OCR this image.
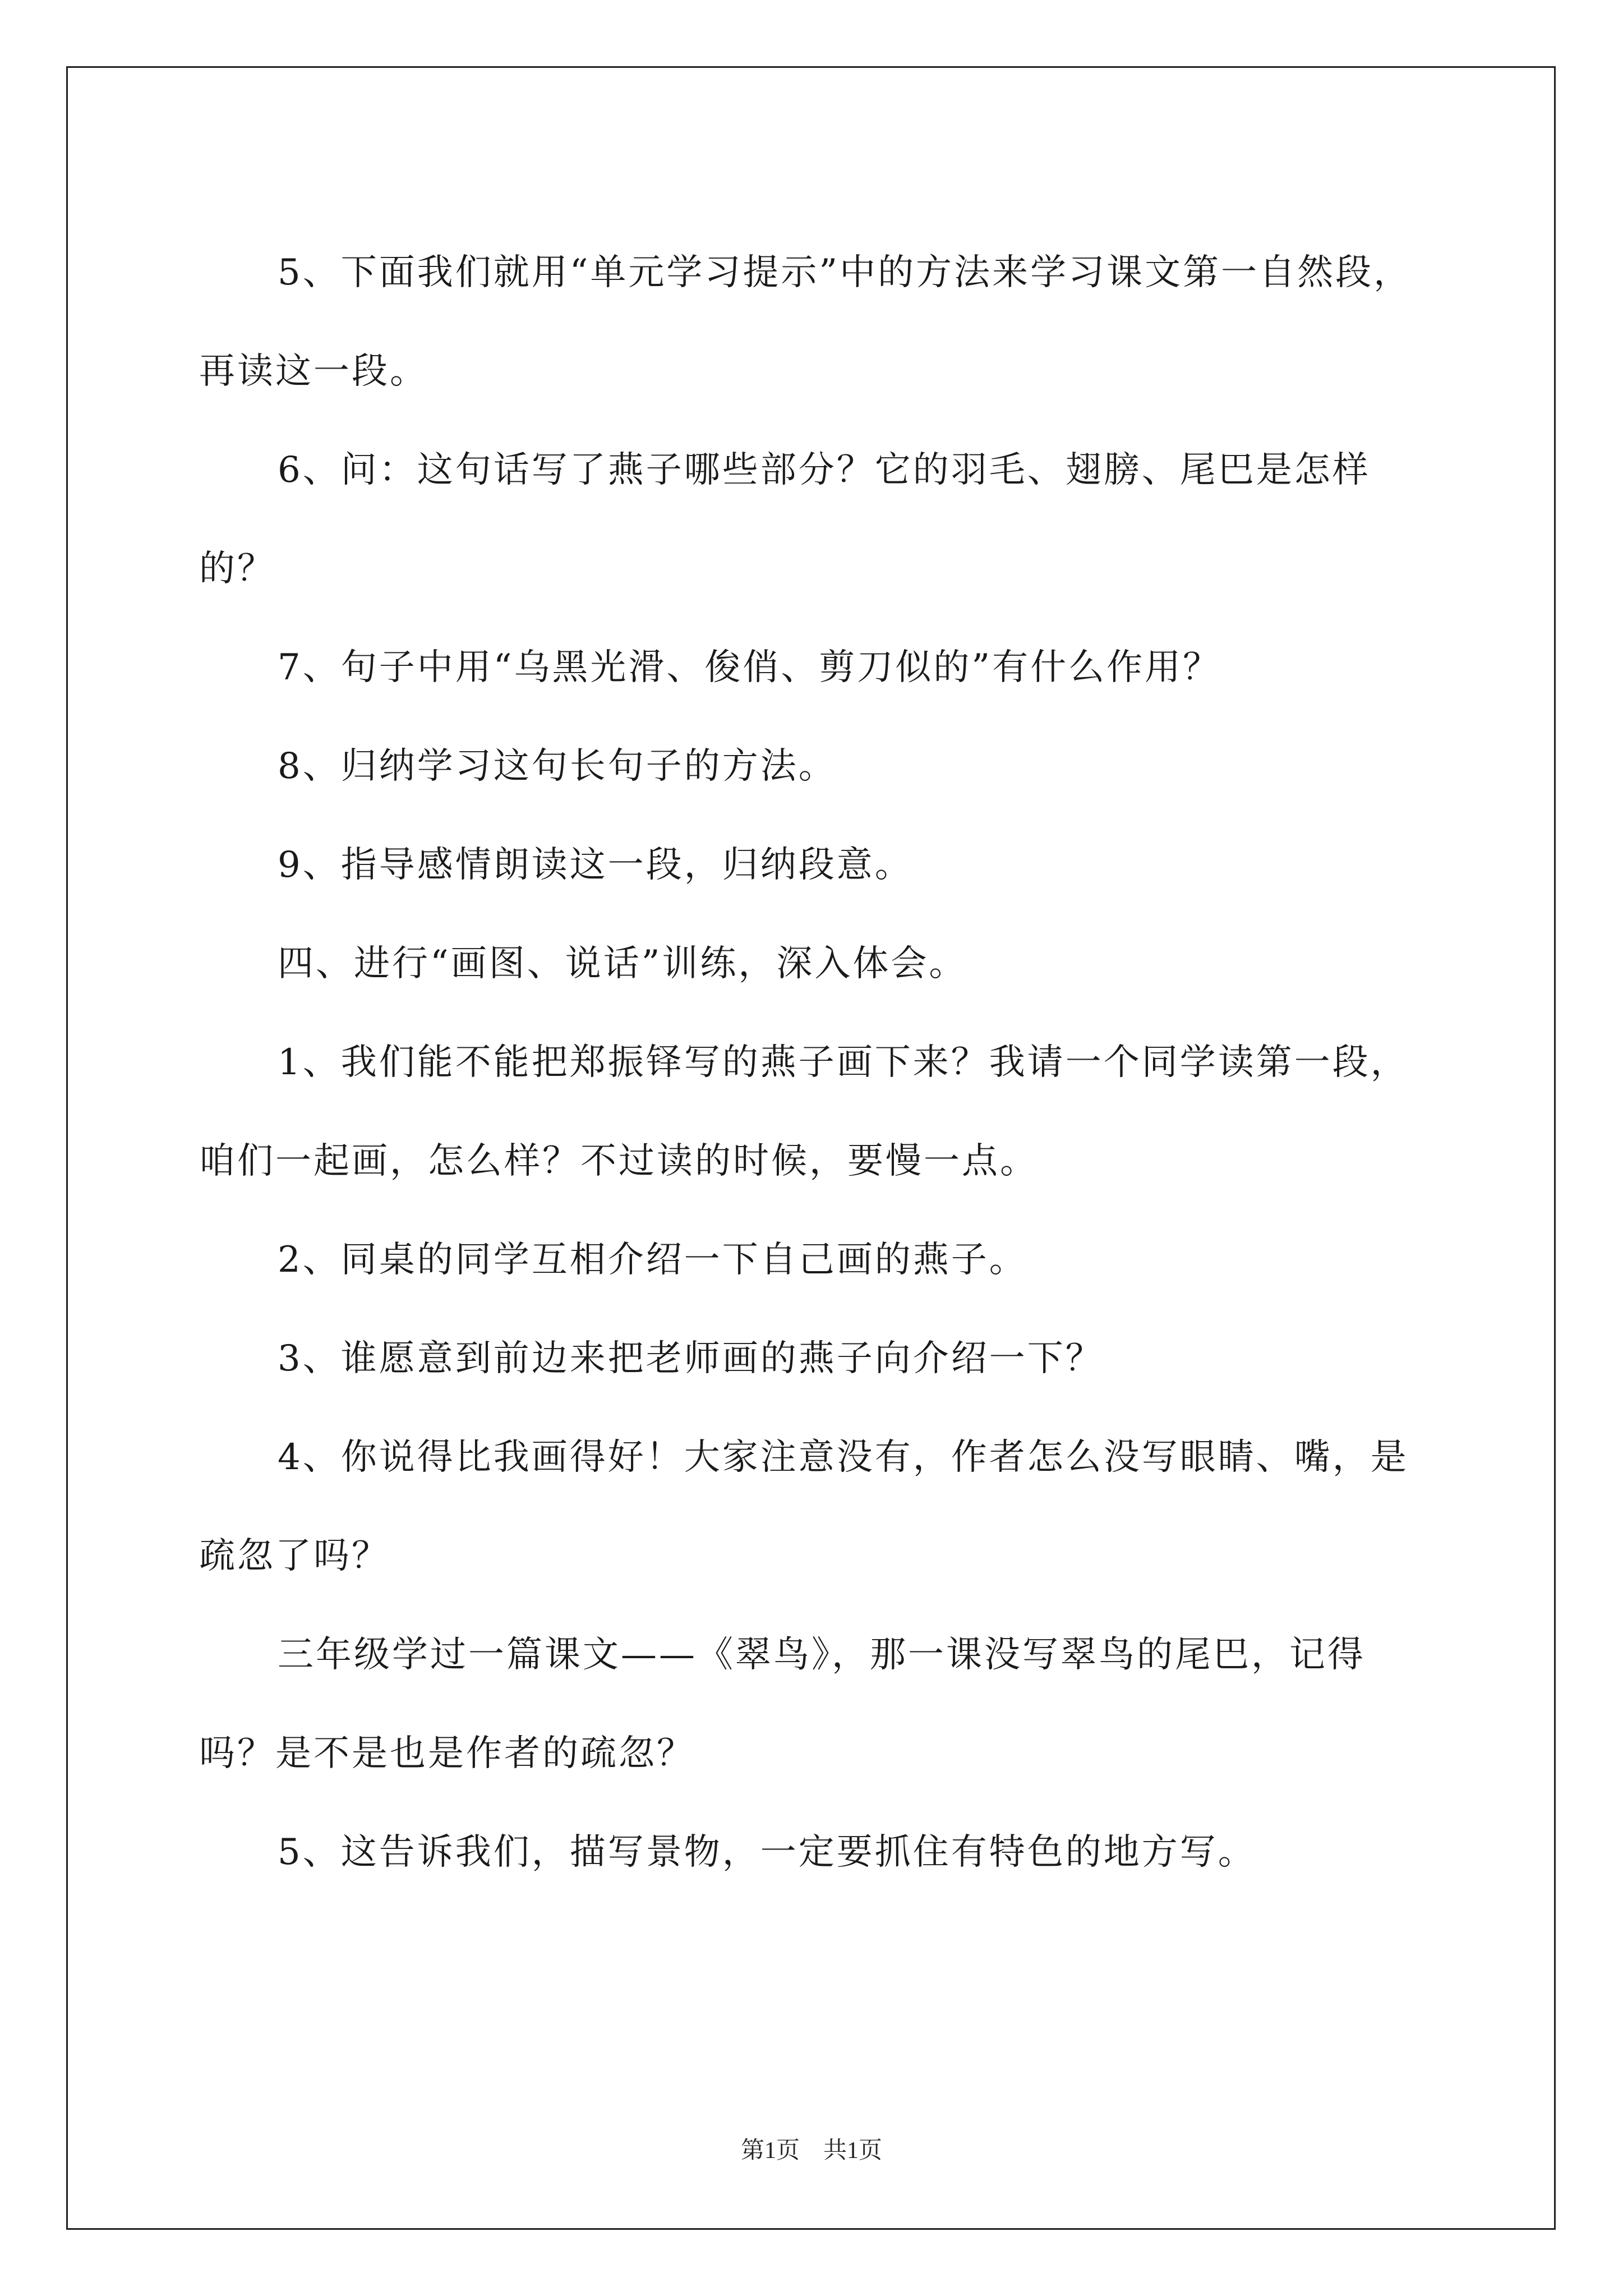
5、下面我们就用“单元学习提示”中的方法来学习课文第一自然段，再读这一段。

6、问：这句话写了燕子哪些部分？它的羽毛、翅膀、尾巴是怎样的？

7、句子中用“乌黑光滑、俊俏、剪刀似的”有什么作用？

8、归纳学习这句长句子的方法。

9、指导感情朗读这一段，归纳段意。

四、进行“画图、说话”训练，深入体会。

1、我们能不能把郑振铎写的燕子画下来？我请一个同学读第一段，咱们一起画，怎么样？不过读的时候，要慢一点。

2、同桌的同学互相介绍一下自己画的燕子。

3、谁愿意到前边来把老师画的燕子向介绍一下？

4、你说得比我画得好！大家注意没有，作者怎么没写眼睛、嘴，是疏忽了吗？

三年级学过一篇课文——《翠鸟》，那一课没写翠鸟的尾巴，记得吗？是不是也是作者的疏忽？

5、这告诉我们，描写景物，一定要抓住有特色的地方写。

第1页　共1页
